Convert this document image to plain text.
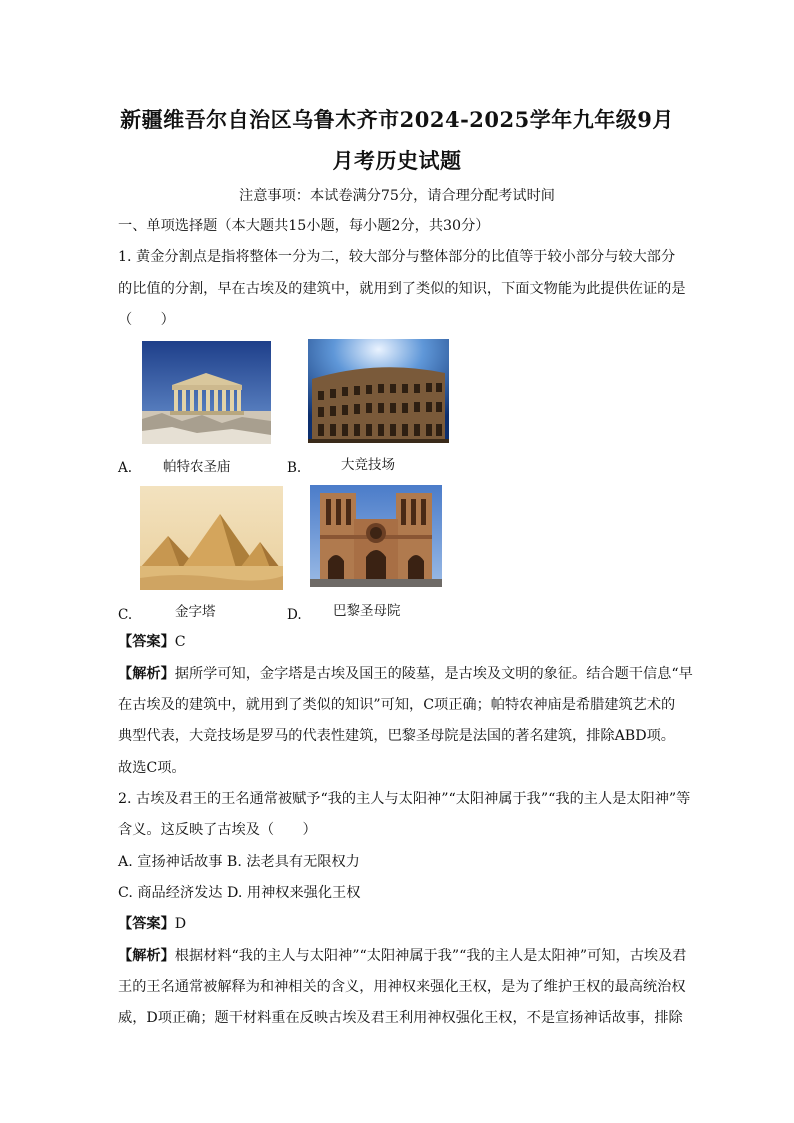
新疆维吾尔自治区乌鲁木齐市2024-2025学年九年级9月
月考历史试题
注意事项：本试卷满分75分，请合理分配考试时间
一、单项选择题（本大题共15小题，每小题2分，共30分）
1. 黄金分割点是指将整体一分为二，较大部分与整体部分的比值等于较小部分与较大部分
的比值的分割，早在古埃及的建筑中，就用到了类似的知识，下面文物能为此提供佐证的是
（　　）
A. 帕特农圣庙	B.	大竞技场
C.	金字塔	D. 巴黎圣母院
【答案】C
【解析】据所学可知，金字塔是古埃及国王的陵墓，是古埃及文明的象征。结合题干信息“早
在古埃及的建筑中，就用到了类似的知识”可知，C项正确；帕特农神庙是希腊建筑艺术的
典型代表，大竞技场是罗马的代表性建筑，巴黎圣母院是法国的著名建筑，排除ABD项。
故选C项。
2. 古埃及君王的王名通常被赋予“我的主人与太阳神”“太阳神属于我”“我的主人是太阳神”等
含义。这反映了古埃及（　　）
A. 宣扬神话故事 B. 法老具有无限权力
C. 商品经济发达 D. 用神权来强化王权
【答案】D
【解析】根据材料“我的主人与太阳神”“太阳神属于我”“我的主人是太阳神”可知，古埃及君
王的王名通常被解释为和神相关的含义，用神权来强化王权，是为了维护王权的最高统治权
威，D项正确；题干材料重在反映古埃及君王利用神权强化王权，不是宣扬神话故事，排除
